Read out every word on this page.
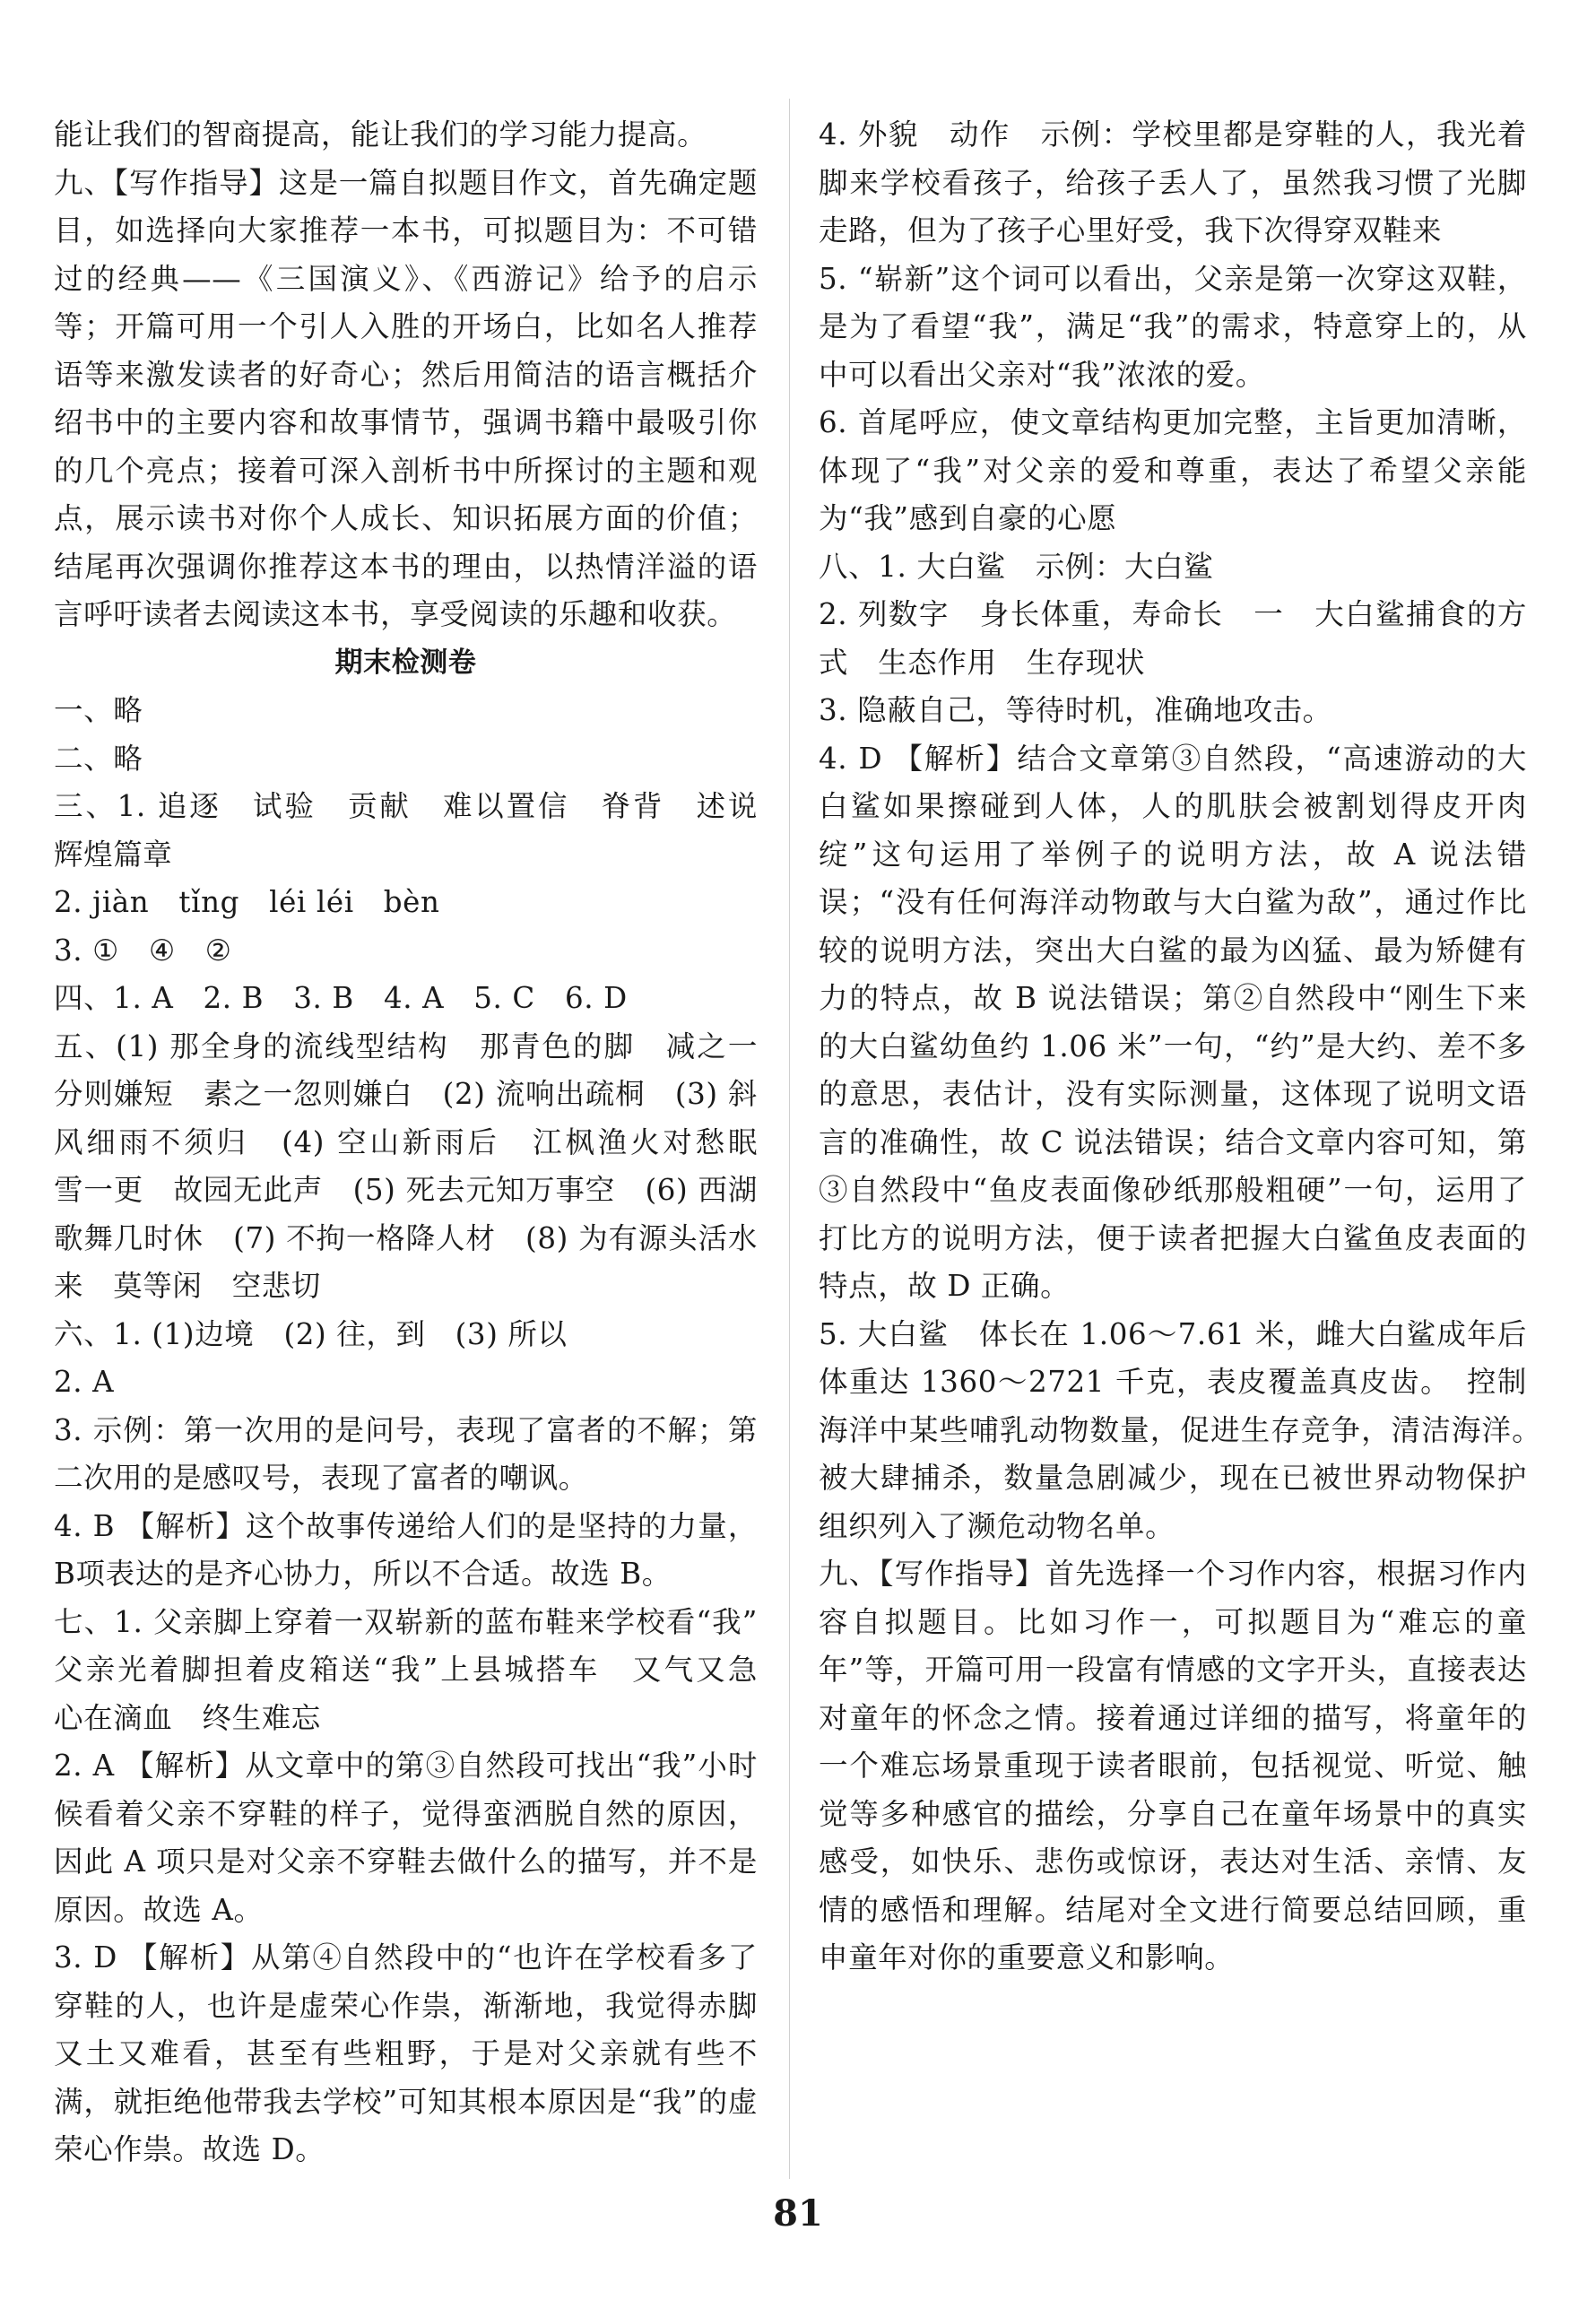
能让我们的智商提高，能让我们的学习能力提高。

九、【写作指导】这是一篇自拟题目作文，首先确定题目，如选择向大家推荐一本书，可拟题目为：不可错过的经典——《三国演义》、《西游记》给予的启示等；开篇可用一个引人入胜的开场白，比如名人推荐语等来激发读者的好奇心；然后用简洁的语言概括介绍书中的主要内容和故事情节，强调书籍中最吸引你的几个亮点；接着可深入剖析书中所探讨的主题和观点，展示读书对你个人成长、知识拓展方面的价值；结尾再次强调你推荐这本书的理由，以热情洋溢的语言呼吁读者去阅读这本书，享受阅读的乐趣和收获。

期末检测卷

一、略

二、略

三、1. 追逐　试验　贡献　难以置信　脊背　述说　辉煌篇章

2. jiàn　tǐng　léi léi　bèn

3. ①　④　②

四、1. A　2. B　3. B　4. A　5. C　6. D

五、(1) 那全身的流线型结构　那青色的脚　减之一分则嫌短　素之一忽则嫌白　(2) 流响出疏桐　(3) 斜风细雨不须归　(4) 空山新雨后　江枫渔火对愁眠　雪一更　故园无此声　(5) 死去元知万事空　(6) 西湖歌舞几时休　(7) 不拘一格降人材　(8) 为有源头活水来　莫等闲　空悲切

六、1. (1)边境　(2) 往，到　(3) 所以

2. A

3. 示例：第一次用的是问号，表现了富者的不解；第二次用的是感叹号，表现了富者的嘲讽。

4. B 【解析】这个故事传递给人们的是坚持的力量，B项表达的是齐心协力，所以不合适。故选 B。

七、1. 父亲脚上穿着一双崭新的蓝布鞋来学校看“我”　父亲光着脚担着皮箱送“我”上县城搭车　又气又急　心在滴血　终生难忘

2. A 【解析】从文章中的第③自然段可找出“我”小时候看着父亲不穿鞋的样子，觉得蛮洒脱自然的原因，因此 A 项只是对父亲不穿鞋去做什么的描写，并不是原因。故选 A。

3. D 【解析】从第④自然段中的“也许在学校看多了穿鞋的人，也许是虚荣心作祟，渐渐地，我觉得赤脚又土又难看，甚至有些粗野，于是对父亲就有些不满，就拒绝他带我去学校”可知其根本原因是“我”的虚荣心作祟。故选 D。

4. 外貌　动作　示例：学校里都是穿鞋的人，我光着脚来学校看孩子，给孩子丢人了，虽然我习惯了光脚走路，但为了孩子心里好受，我下次得穿双鞋来

5. “崭新”这个词可以看出，父亲是第一次穿这双鞋，是为了看望“我”，满足“我”的需求，特意穿上的，从中可以看出父亲对“我”浓浓的爱。

6. 首尾呼应，使文章结构更加完整，主旨更加清晰，体现了“我”对父亲的爱和尊重，表达了希望父亲能为“我”感到自豪的心愿

八、1. 大白鲨　示例：大白鲨

2. 列数字　身长体重，寿命长　一　大白鲨捕食的方式　生态作用　生存现状

3. 隐蔽自己，等待时机，准确地攻击。

4. D 【解析】结合文章第③自然段，“高速游动的大白鲨如果擦碰到人体，人的肌肤会被割划得皮开肉绽”这句运用了举例子的说明方法，故 A 说法错误；“没有任何海洋动物敢与大白鲨为敌”，通过作比较的说明方法，突出大白鲨的最为凶猛、最为矫健有力的特点，故 B 说法错误；第②自然段中“刚生下来的大白鲨幼鱼约 1.06 米”一句，“约”是大约、差不多的意思，表估计，没有实际测量，这体现了说明文语言的准确性，故 C 说法错误；结合文章内容可知，第③自然段中“鱼皮表面像砂纸那般粗硬”一句，运用了打比方的说明方法，便于读者把握大白鲨鱼皮表面的特点，故 D 正确。

5. 大白鲨　体长在 1.06～7.61 米，雌大白鲨成年后体重达 1360～2721 千克，表皮覆盖真皮齿。　控制海洋中某些哺乳动物数量，促进生存竞争，清洁海洋。　被大肆捕杀，数量急剧减少，现在已被世界动物保护组织列入了濒危动物名单。

九、【写作指导】首先选择一个习作内容，根据习作内容自拟题目。比如习作一，可拟题目为“难忘的童年”等，开篇可用一段富有情感的文字开头，直接表达对童年的怀念之情。接着通过详细的描写，将童年的一个难忘场景重现于读者眼前，包括视觉、听觉、触觉等多种感官的描绘，分享自己在童年场景中的真实感受，如快乐、悲伤或惊讶，表达对生活、亲情、友情的感悟和理解。结尾对全文进行简要总结回顾，重申童年对你的重要意义和影响。

81
